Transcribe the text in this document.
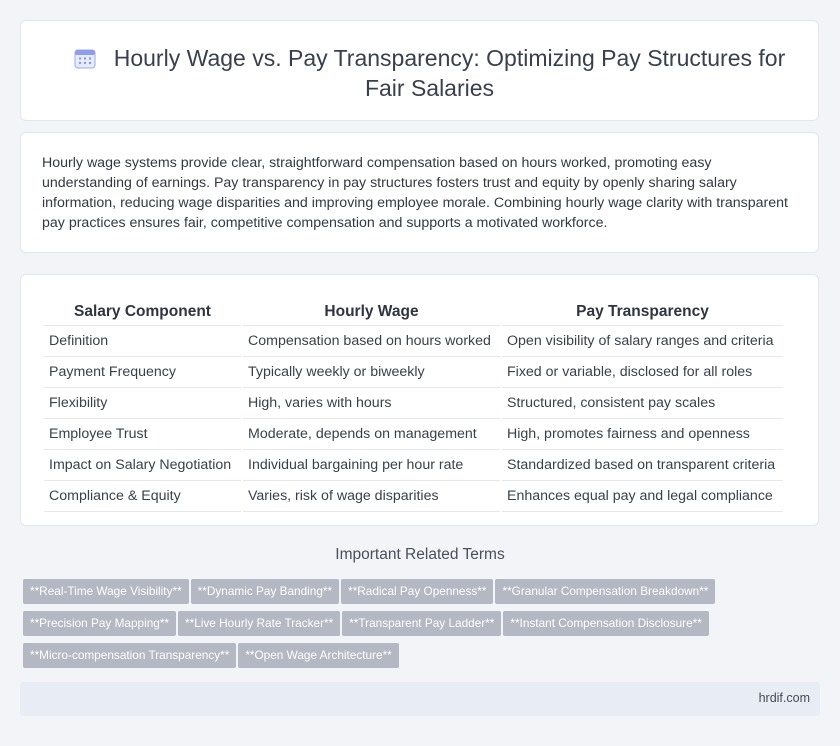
Hourly Wage vs. Pay Transparency: Optimizing Pay Structures for Fair Salaries

Hourly wage systems provide clear, straightforward compensation based on hours worked, promoting easy understanding of earnings. Pay transparency in pay structures fosters trust and equity by openly sharing salary information, reducing wage disparities and improving employee morale. Combining hourly wage clarity with transparent pay practices ensures fair, competitive compensation and supports a motivated workforce.

Salary Component	Hourly Wage	Pay Transparency
Definition	Compensation based on hours worked	Open visibility of salary ranges and criteria
Payment Frequency	Typically weekly or biweekly	Fixed or variable, disclosed for all roles
Flexibility	High, varies with hours	Structured, consistent pay scales
Employee Trust	Moderate, depends on management	High, promotes fairness and openness
Impact on Salary Negotiation	Individual bargaining per hour rate	Standardized based on transparent criteria
Compliance & Equity	Varies, risk of wage disparities	Enhances equal pay and legal compliance
Important Related Terms
**Real-Time Wage Visibility** **Dynamic Pay Banding** **Radical Pay Openness** **Granular Compensation Breakdown**
**Precision Pay Mapping** **Live Hourly Rate Tracker** **Transparent Pay Ladder** **Instant Compensation Disclosure**
**Micro-compensation Transparency** **Open Wage Architecture**
hrdif.com
